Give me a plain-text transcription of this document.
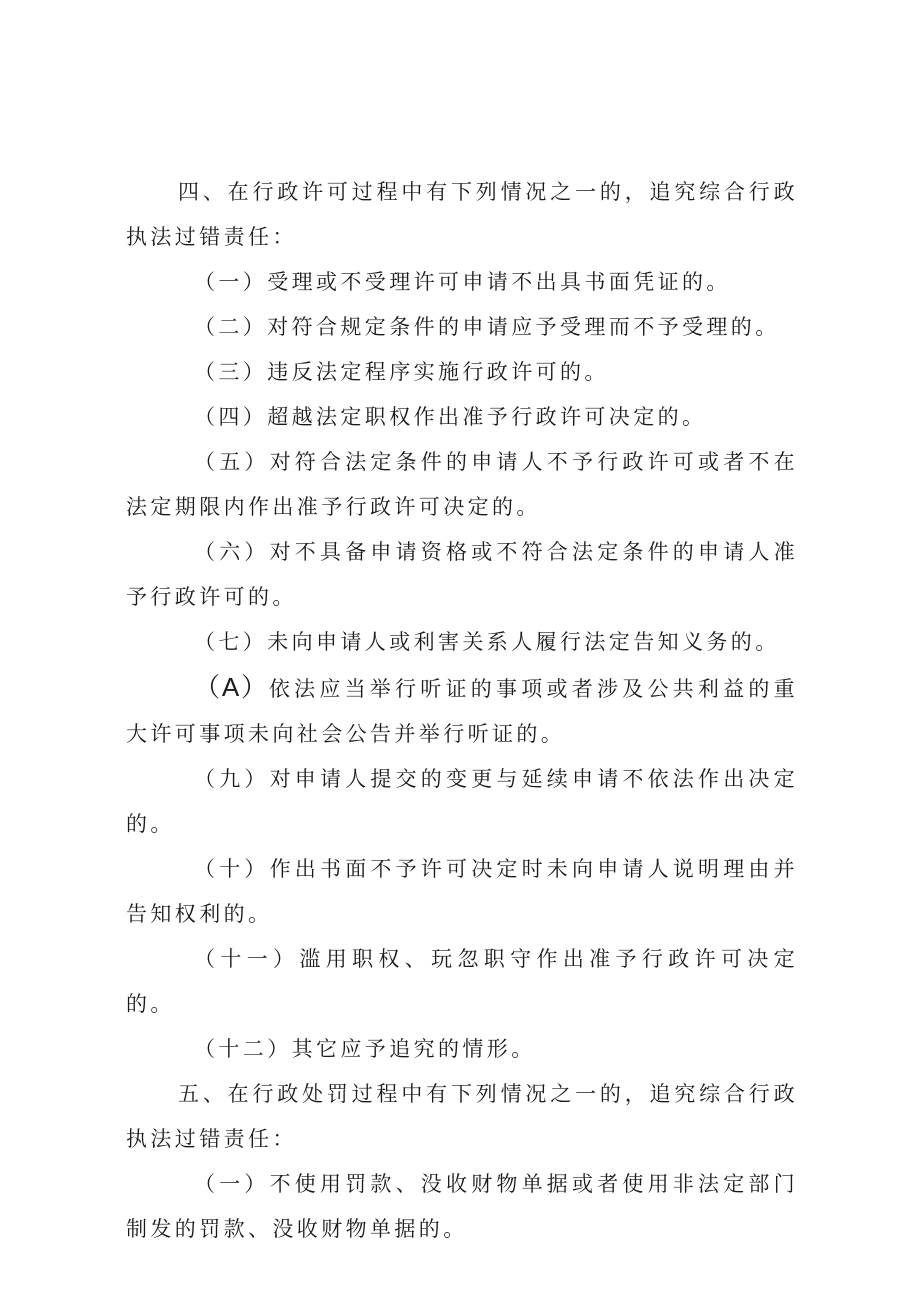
四、在行政许可过程中有下列情况之一的，追究综合行政执法过错责任：

（一）受理或不受理许可申请不出具书面凭证的。

（二）对符合规定条件的申请应予受理而不予受理的。

（三）违反法定程序实施行政许可的。

（四）超越法定职权作出准予行政许可决定的。

（五）对符合法定条件的申请人不予行政许可或者不在法定期限内作出准予行政许可决定的。

（六）对不具备申请资格或不符合法定条件的申请人准予行政许可的。

（七）未向申请人或利害关系人履行法定告知义务的。

（A）依法应当举行听证的事项或者涉及公共利益的重大许可事项未向社会公告并举行听证的。

（九）对申请人提交的变更与延续申请不依法作出决定的。

（十）作出书面不予许可决定时未向申请人说明理由并告知权利的。

（十一）滥用职权、玩忽职守作出准予行政许可决定的。

（十二）其它应予追究的情形。

五、在行政处罚过程中有下列情况之一的，追究综合行政执法过错责任：

（一）不使用罚款、没收财物单据或者使用非法定部门制发的罚款、没收财物单据的。
